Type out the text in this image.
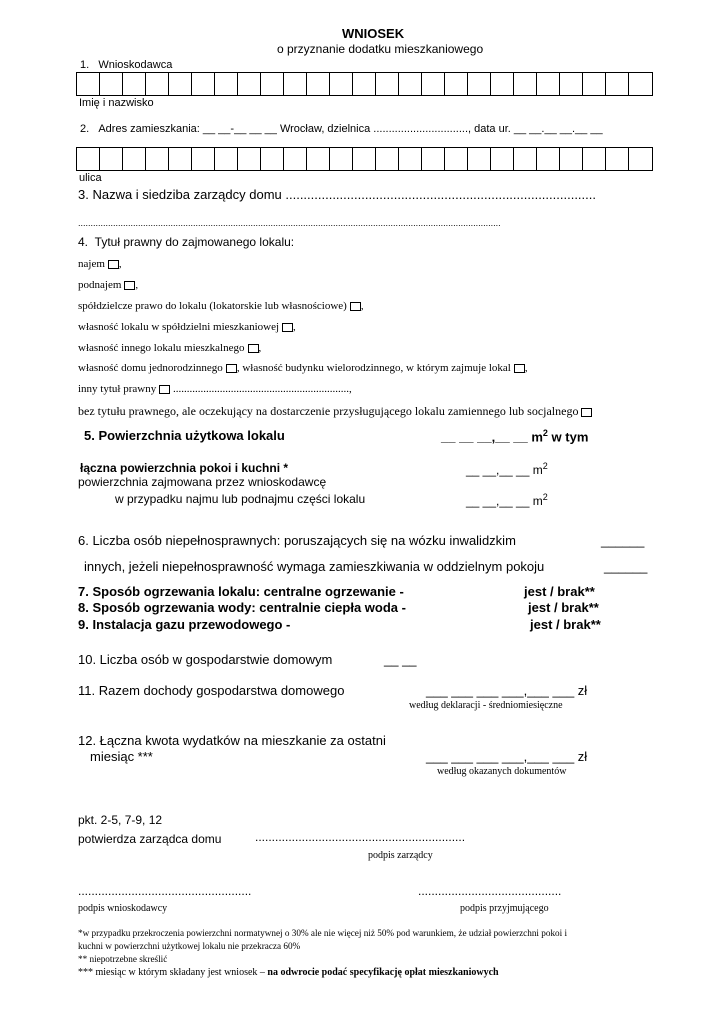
WNIOSEK
o przyznanie dodatku mieszkaniowego
1.   Wnioskodawca
Imię i nazwisko
2.   Adres zamieszkania: __ __-__ __ __ Wrocław, dzielnica ..............................., data ur. __ __.__ __.__ __
ulica
3. Nazwa i siedziba zarządcy domu ......................................................................................
.........................................................................................................................................................................
4.  Tytuł prawny do zajmowanego lokalu:
najem ,
podnajem ,
spółdzielcze prawo do lokalu (lokatorskie lub własnościowe) ,
własność lokalu w spółdzielni mieszkaniowej ,
własność innego lokalu mieszkalnego ,
własność domu jednorodzinnego , własność budynku wielorodzinnego, w którym zajmuje lokal ,
inny tytuł prawny ................................................................,
bez tytułu prawnego, ale oczekujący na dostarczenie przysługującego lokalu zamiennego lub socjalnego
5. Powierzchnia użytkowa lokalu	__ __ __,__ __ $m^2$ w tym
łączna powierzchnia pokoi i kuchni *	__ __,__ __ $m^2$
powierzchnia zajmowana przez wnioskodawcę
w przypadku najmu lub podnajmu części lokalu	__ __,__ __ $m^2$
6. Liczba osób niepełnosprawnych: poruszających się na wózku inwalidzkim	______
innych, jeżeli niepełnosprawność wymaga zamieszkiwania w oddzielnym pokoju	______
7. Sposób ogrzewania lokalu: centralne ogrzewanie -	jest / brak**
8. Sposób ogrzewania wody: centralnie ciepła woda -	jest / brak**
9. Instalacja gazu przewodowego -	jest / brak**
10. Liczba osób w gospodarstwie domowym	__ __
11. Razem dochody gospodarstwa domowego	___ ___ ___ ___,___ ___ zł
według deklaracji - średniomiesięczne
12. Łączna kwota wydatków na mieszkanie za ostatni
miesiąc ***	___ ___ ___ ___,___ ___ zł
według okazanych dokumentów
pkt. 2-5, 7-9, 12
potwierdza zarządca domu	...............................................................
podpis zarządcy
....................................................
podpis wnioskodawcy
...........................................
podpis przyjmującego
*w przypadku przekroczenia powierzchni normatywnej o 30% ale nie więcej niż 50% pod warunkiem, że udział powierzchni pokoi i
kuchni w powierzchni użytkowej lokalu nie przekracza 60%
** niepotrzebne skreślić
*** miesiąc w którym składany jest wniosek – na odwrocie podać specyfikację opłat mieszkaniowych
